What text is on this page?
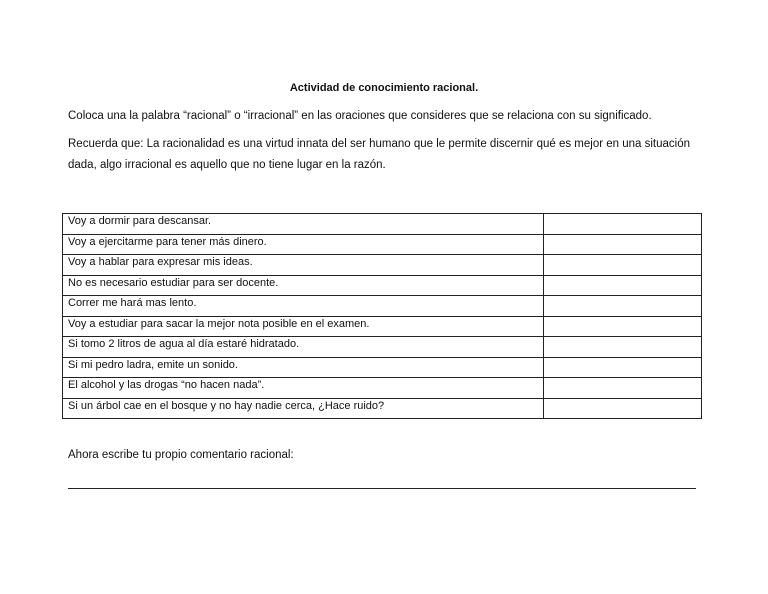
Actividad de conocimiento racional.
Coloca una la palabra “racional” o “irracional” en las oraciones que consideres que se relaciona con su significado.
Recuerda que: La racionalidad es una virtud innata del ser humano que le permite discernir qué es mejor en una situación dada, algo irracional es aquello que no tiene lugar en la razón.
Voy a dormir para descansar.	
Voy a ejercitarme para tener más dinero.	
Voy a hablar para expresar mis ideas.	
No es necesario estudiar para ser docente.	
Correr me hará mas lento.	
Voy a estudiar para sacar la mejor nota posible en el examen.	
Si tomo 2 litros de agua al día estaré hidratado.	
Si mi pedro ladra, emite un sonido.	
El alcohol y las drogas “no hacen nada”.	
Si un árbol cae en el bosque y no hay nadie cerca, ¿Hace ruido?	
Ahora escribe tu propio comentario racional:
